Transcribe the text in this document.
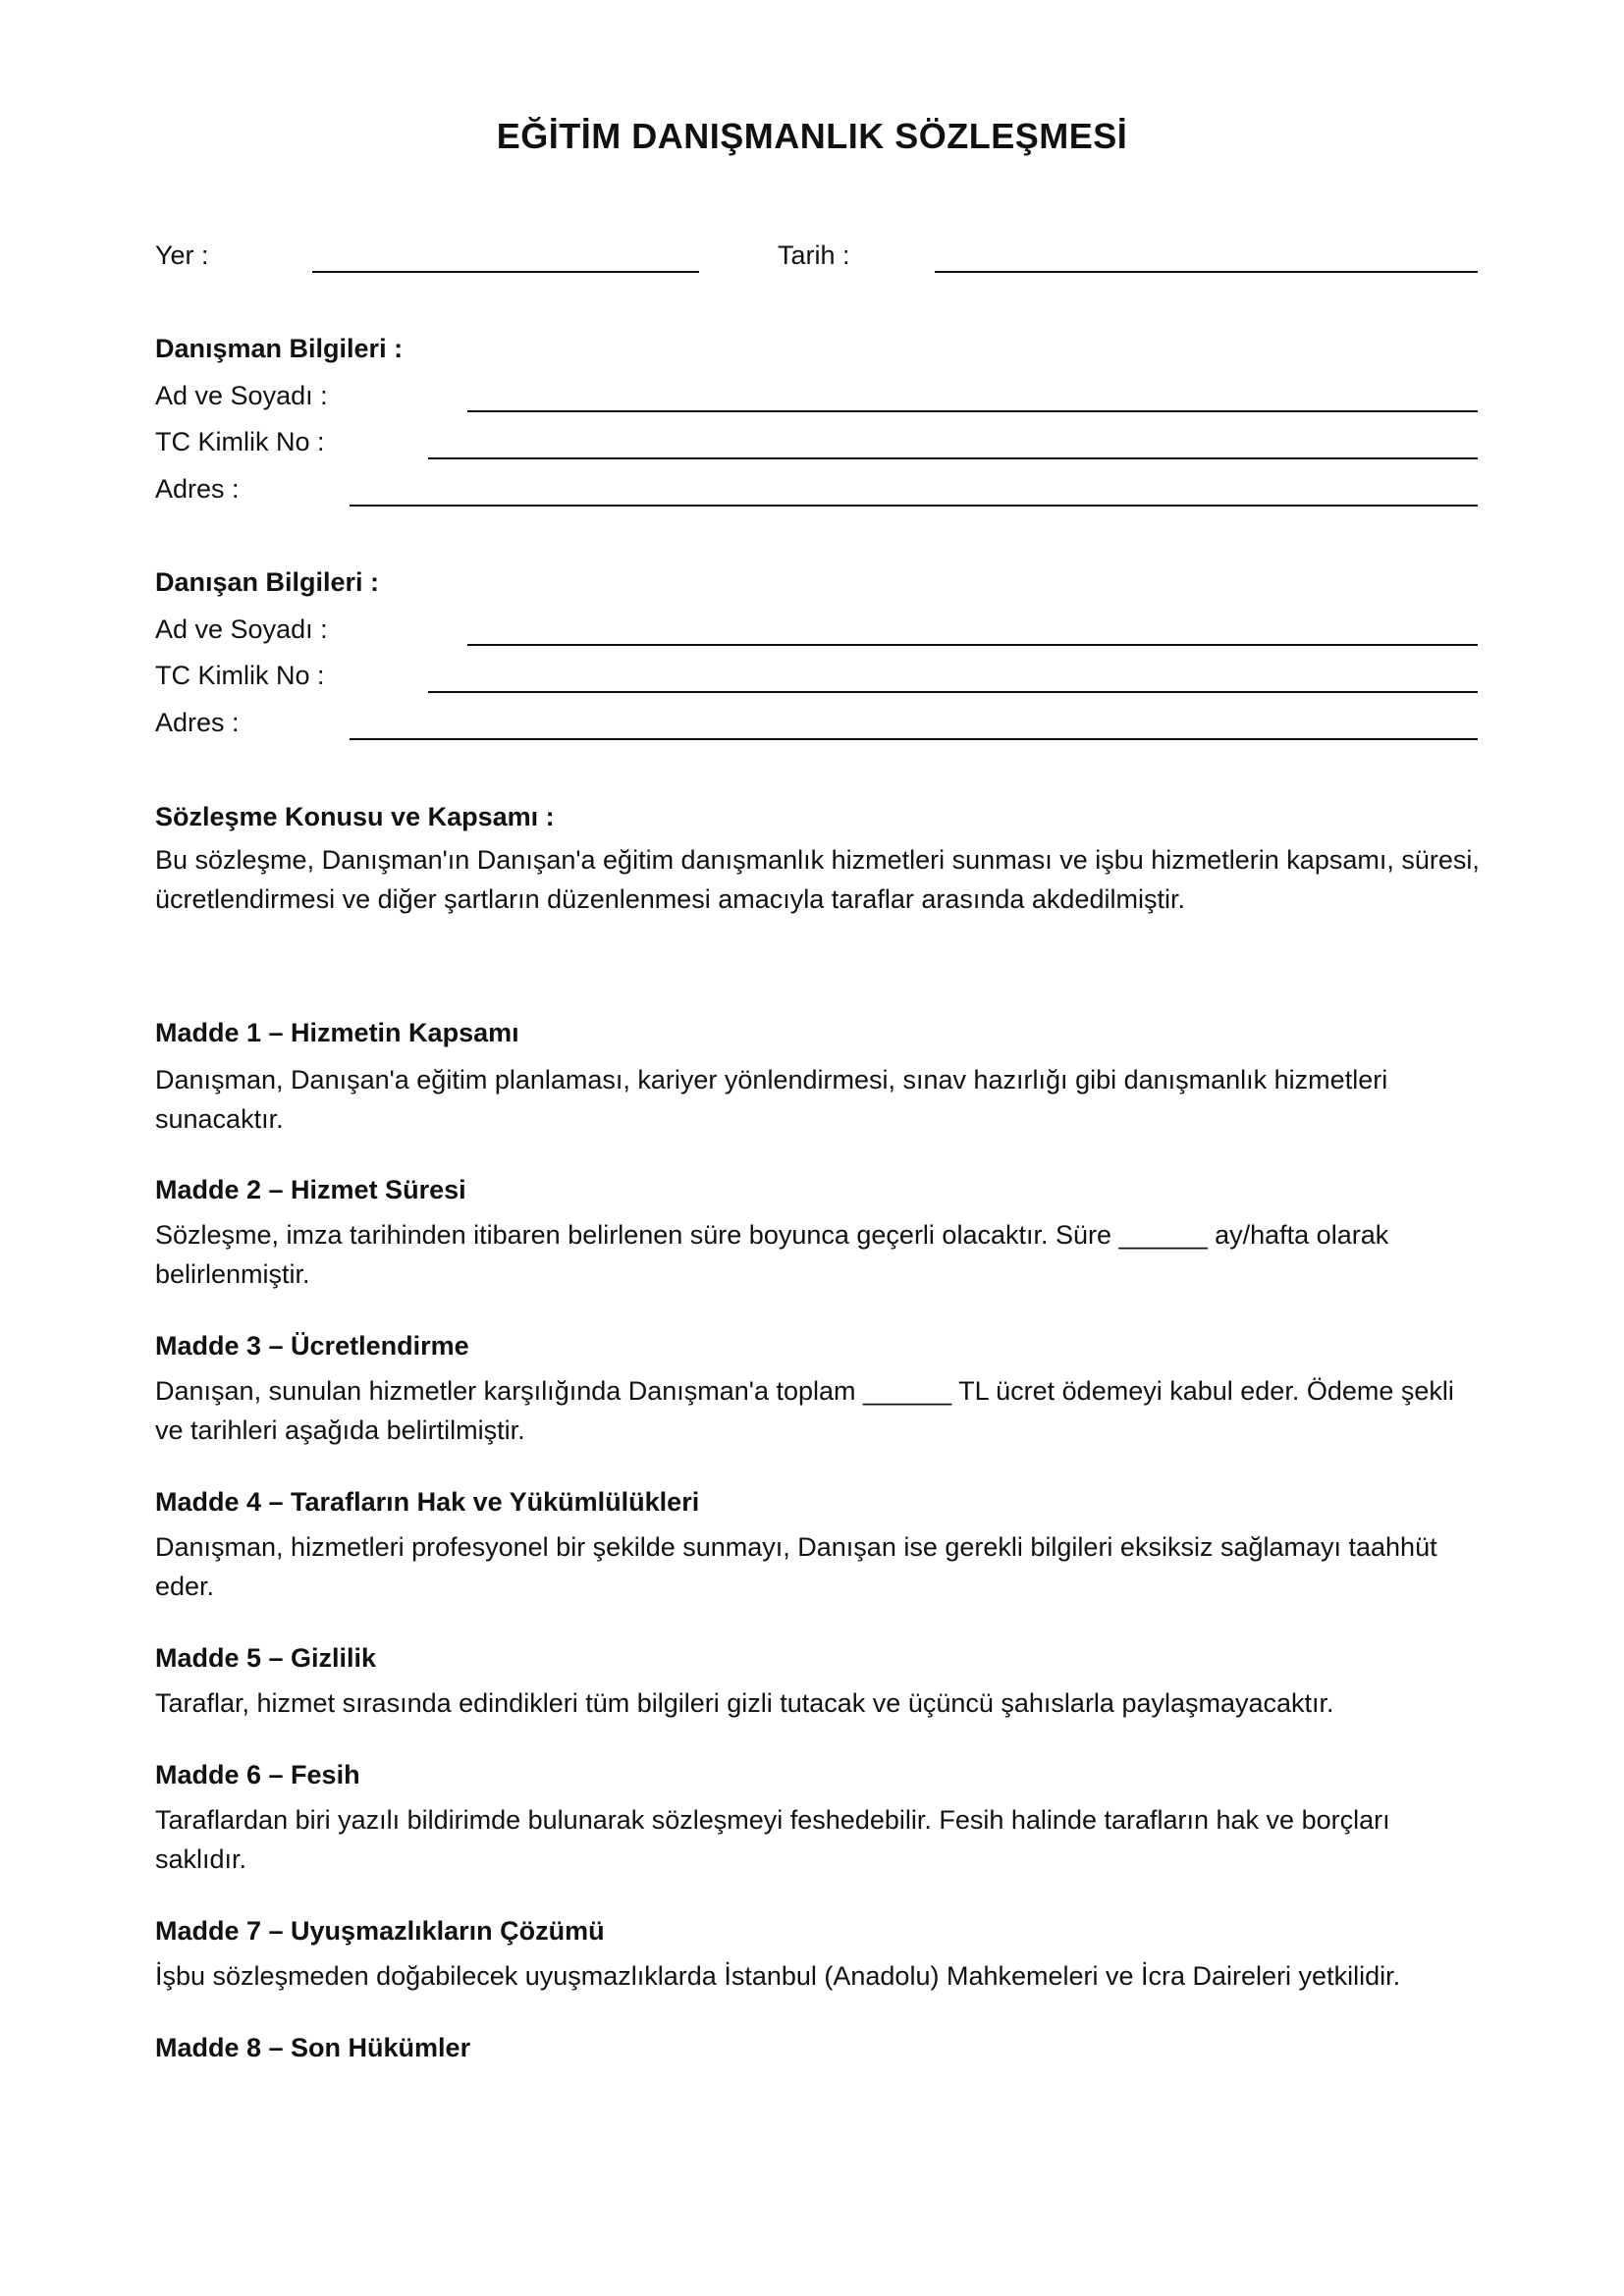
EĞİTİM DANIŞMANLIK SÖZLEŞMESİ
Yer :	Tarih :
Danışman Bilgileri :
Ad ve Soyadı :
TC Kimlik No :
Adres :
Danışan Bilgileri :
Ad ve Soyadı :
TC Kimlik No :
Adres :
Sözleşme Konusu ve Kapsamı :
Bu sözleşme, Danışman'ın Danışan'a eğitim danışmanlık hizmetleri sunması ve işbu hizmetlerin kapsamı, süresi, ücretlendirmesi ve diğer şartların düzenlenmesi amacıyla taraflar arasında akdedilmiştir.
Madde 1 – Hizmetin Kapsamı
Danışman, Danışan'a eğitim planlaması, kariyer yönlendirmesi, sınav hazırlığı gibi danışmanlık hizmetleri sunacaktır.
Madde 2 – Hizmet Süresi
Sözleşme, imza tarihinden itibaren belirlenen süre boyunca geçerli olacaktır. Süre ______ ay/hafta olarak belirlenmiştir.
Madde 3 – Ücretlendirme
Danışan, sunulan hizmetler karşılığında Danışman'a toplam ______ TL ücret ödemeyi kabul eder. Ödeme şekli ve tarihleri aşağıda belirtilmiştir.
Madde 4 – Tarafların Hak ve Yükümlülükleri
Danışman, hizmetleri profesyonel bir şekilde sunmayı, Danışan ise gerekli bilgileri eksiksiz sağlamayı taahhüt eder.
Madde 5 – Gizlilik
Taraflar, hizmet sırasında edindikleri tüm bilgileri gizli tutacak ve üçüncü şahıslarla paylaşmayacaktır.
Madde 6 – Fesih
Taraflardan biri yazılı bildirimde bulunarak sözleşmeyi feshedebilir. Fesih halinde tarafların hak ve borçları saklıdır.
Madde 7 – Uyuşmazlıkların Çözümü
İşbu sözleşmeden doğabilecek uyuşmazlıklarda İstanbul (Anadolu) Mahkemeleri ve İcra Daireleri yetkilidir.
Madde 8 – Son Hükümler
